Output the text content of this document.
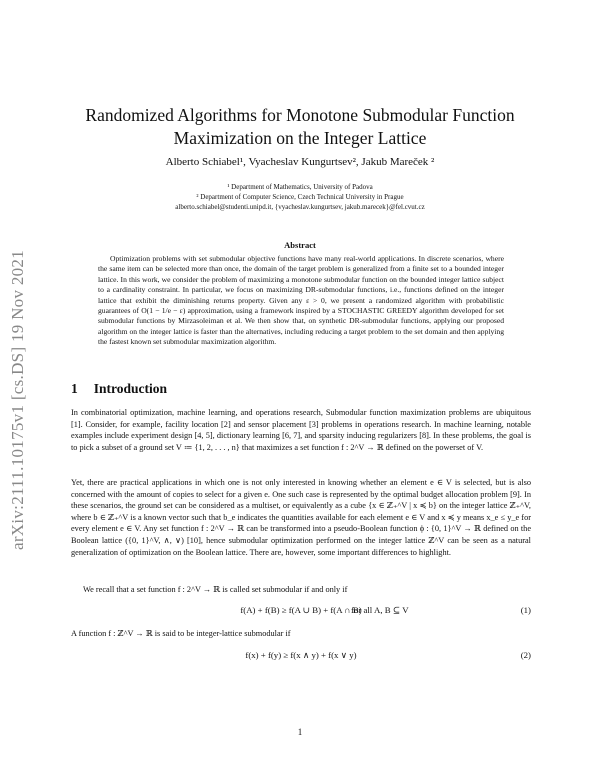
arXiv:2111.10175v1 [cs.DS] 19 Nov 2021
Randomized Algorithms for Monotone Submodular Function
Maximization on the Integer Lattice
Alberto Schiabel¹, Vyacheslav Kungurtsev², Jakub Mareček ²
¹ Department of Mathematics, University of Padova
² Department of Computer Science, Czech Technical University in Prague
alberto.schiabel@studenti.unipd.it, {vyacheslav.kungurtsev, jakub.marecek}@fel.cvut.cz
Abstract
Optimization problems with set submodular objective functions have many real-world applications. In discrete scenarios, where the same item can be selected more than once, the domain of the target problem is generalized from a finite set to a bounded integer lattice. In this work, we consider the problem of maximizing a monotone submodular function on the bounded integer lattice subject to a cardinality constraint. In particular, we focus on maximizing DR-submodular functions, i.e., functions defined on the integer lattice that exhibit the diminishing returns property. Given any ε > 0, we present a randomized algorithm with probabilistic guarantees of O(1 − 1/e − ε) approximation, using a framework inspired by a STOCHASTIC GREEDY algorithm developed for set submodular functions by Mirzasoleiman et al. We then show that, on synthetic DR-submodular functions, applying our proposed algorithm on the integer lattice is faster than the alternatives, including reducing a target problem to the set domain and then applying the fastest known set submodular maximization algorithm.
1 Introduction
In combinatorial optimization, machine learning, and operations research, Submodular function maximization problems are ubiquitous [1]. Consider, for example, facility location [2] and sensor placement [3] problems in operations research. In machine learning, notable examples include experiment design [4, 5], dictionary learning [6, 7], and sparsity inducing regularizers [8]. In these problems, the goal is to pick a subset of a ground set V ≔ {1, 2, . . . , n} that maximizes a set function f : 2^V → ℝ defined on the powerset of V.
Yet, there are practical applications in which one is not only interested in knowing whether an element e ∈ V is selected, but is also concerned with the amount of copies to select for a given e. One such case is represented by the optimal budget allocation problem [9]. In these scenarios, the ground set can be considered as a multiset, or equivalently as a cube {x ∈ ℤ₊^V | x ≼ b} on the integer lattice ℤ₊^V, where b ∈ ℤ₊^V is a known vector such that b_e indicates the quantities available for each element e ∈ V and x ≼ y means x_e ≤ y_e for every element e ∈ V. Any set function f : 2^V → ℝ can be transformed into a pseudo-Boolean function ϕ : {0, 1}^V → ℝ defined on the Boolean lattice ({0, 1}^V, ∧, ∨) [10], hence submodular optimization performed on the integer lattice ℤ^V can be seen as a natural generalization of optimization on the Boolean lattice. There are, however, some important differences to highlight.
We recall that a set function f : 2^V → ℝ is called set submodular if and only if
f(A) + f(B) ≥ f(A ∪ B) + f(A ∩ B)
for all A, B ⊆ V	(1)
A function f : ℤ^V → ℝ is said to be integer-lattice submodular if
f(x) + f(y) ≥ f(x ∧ y) + f(x ∨ y)	(2)
1
